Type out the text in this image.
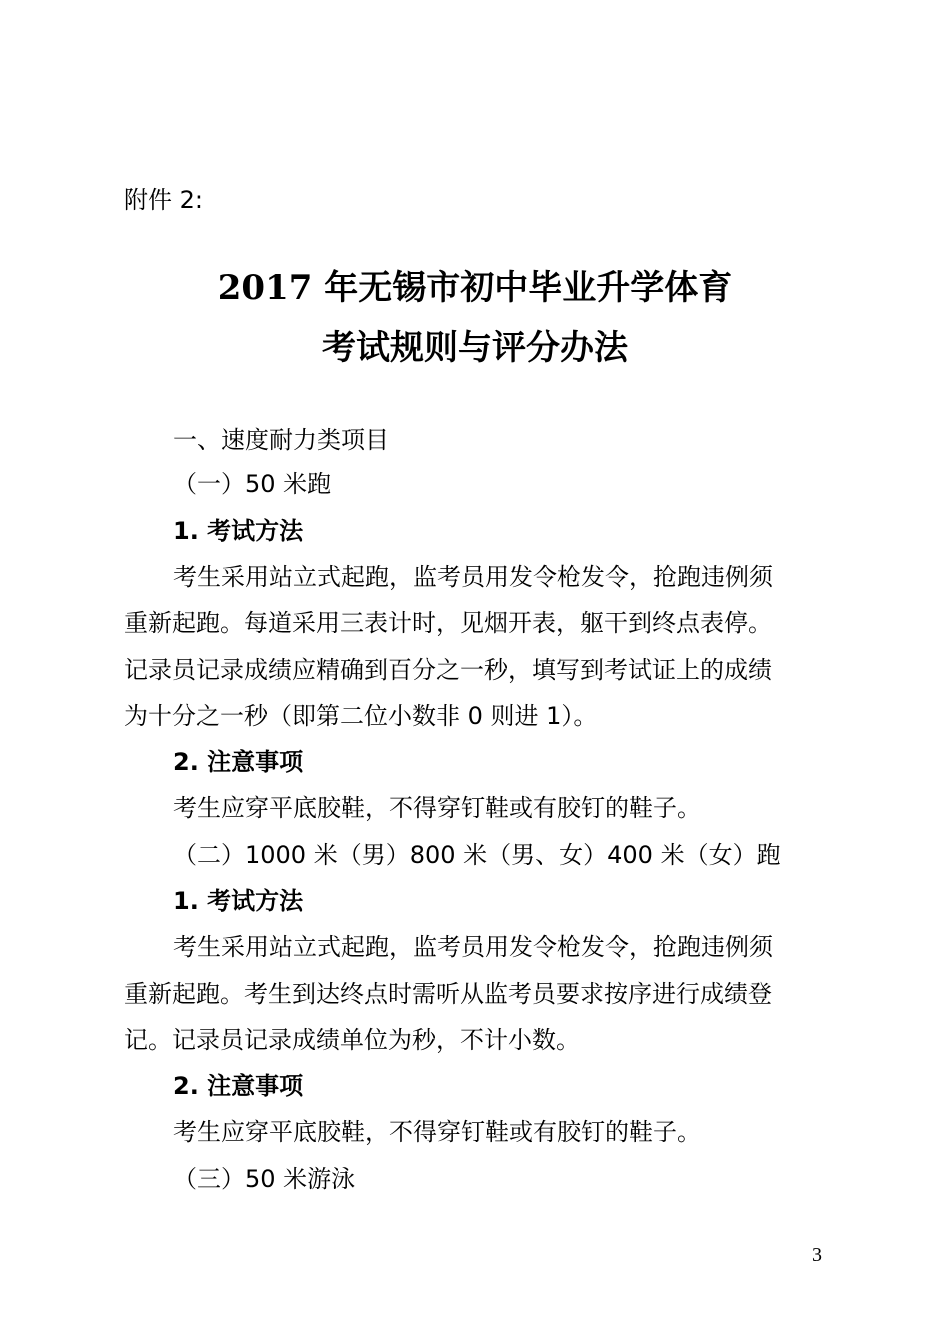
附件 2:
2017 年无锡市初中毕业升学体育
考试规则与评分办法
一、速度耐力类项目
（一）50 米跑
1. 考试方法
考生采用站立式起跑，监考员用发令枪发令，抢跑违例须
重新起跑。每道采用三表计时，见烟开表，躯干到终点表停。
记录员记录成绩应精确到百分之一秒，填写到考试证上的成绩
为十分之一秒（即第二位小数非 0 则进 1）。
2. 注意事项
考生应穿平底胶鞋，不得穿钉鞋或有胶钉的鞋子。
（二）1000 米（男）800 米（男、女）400 米（女）跑
1. 考试方法
考生采用站立式起跑，监考员用发令枪发令，抢跑违例须
重新起跑。考生到达终点时需听从监考员要求按序进行成绩登
记。记录员记录成绩单位为秒，不计小数。
2. 注意事项
考生应穿平底胶鞋，不得穿钉鞋或有胶钉的鞋子。
（三）50 米游泳
3
